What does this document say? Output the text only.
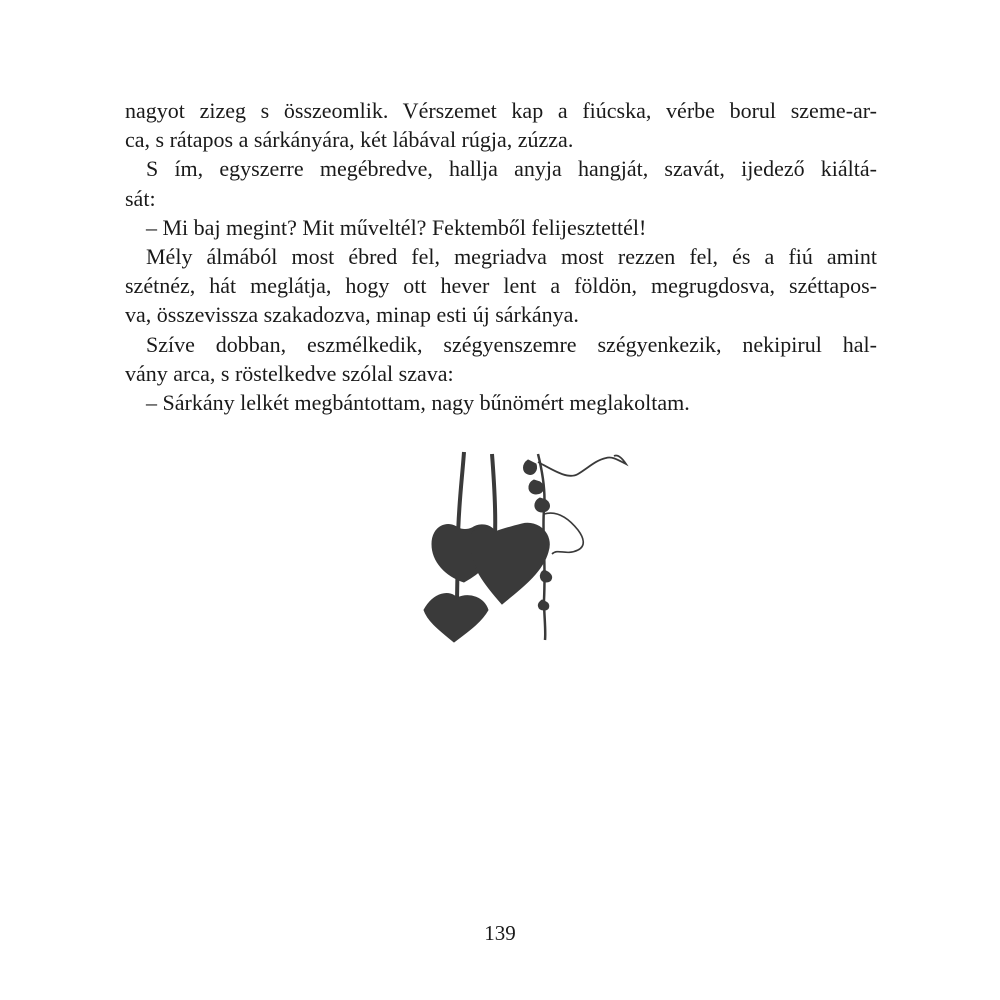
nagyot zizeg s összeomlik. Vérszemet kap a fiúcska, vérbe borul szeme-ar-
ca, s rátapos a sárkányára, két lábával rúgja, zúzza.
S ím, egyszerre megébredve, hallja anyja hangját, szavát, ijedező kiáltá-
sát:
– Mi baj megint? Mit műveltél? Fektemből felijesztettél!
Mély álmából most ébred fel, megriadva most rezzen fel, és a fiú amint
szétnéz, hát meglátja, hogy ott hever lent a földön, megrugdosva, széttapos-
va, összevissza szakadozva, minap esti új sárkánya.
Szíve dobban, eszmélkedik, szégyenszemre szégyenkezik, nekipirul hal-
vány arca, s röstelkedve szólal szava:
– Sárkány lelkét megbántottam, nagy bűnömért meglakoltam.
139
